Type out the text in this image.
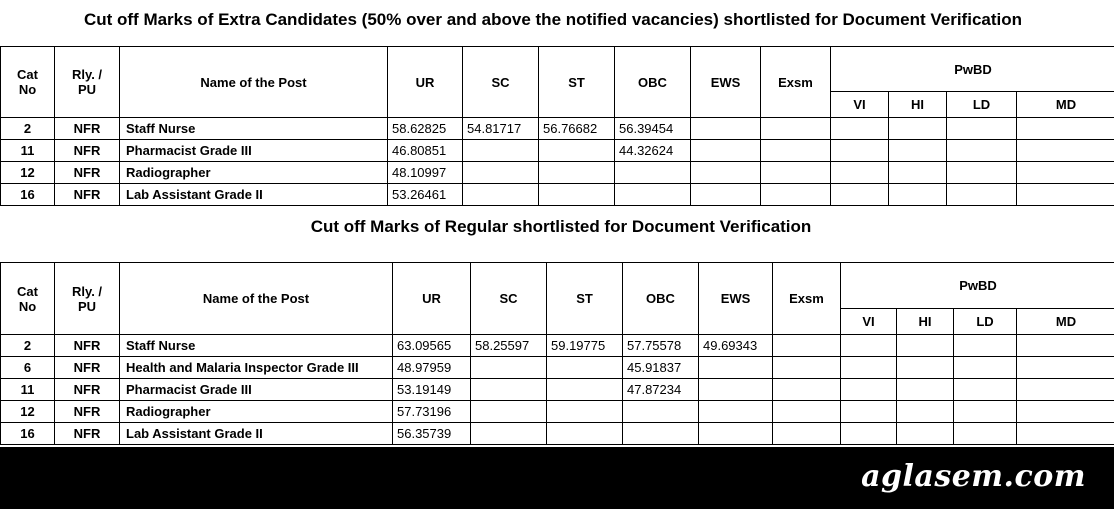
Cut off Marks of Extra Candidates (50% over and above the notified vacancies) shortlisted for Document Verification
Cat
No	Rly. /
PU	Name of the Post	UR	SC	ST	OBC	EWS	Exsm	PwBD			
									VI	HI	LD	MD
2	NFR	Staff Nurse	58.62825	54.81717	56.76682	56.39454						
11	NFR	Pharmacist Grade III	46.80851			44.32624						
12	NFR	Radiographer	48.10997									
16	NFR	Lab Assistant Grade II	53.26461									
Cut off Marks of Regular shortlisted for Document Verification
Cat
No	Rly. /
PU	Name of the Post	UR	SC	ST	OBC	EWS	Exsm	PwBD			
									VI	HI	LD	MD
2	NFR	Staff Nurse	63.09565	58.25597	59.19775	57.75578	49.69343					
6	NFR	Health and Malaria Inspector Grade III	48.97959			45.91837						
11	NFR	Pharmacist Grade III	53.19149			47.87234						
12	NFR	Radiographer	57.73196									
16	NFR	Lab Assistant Grade II	56.35739									
aglasem.com
